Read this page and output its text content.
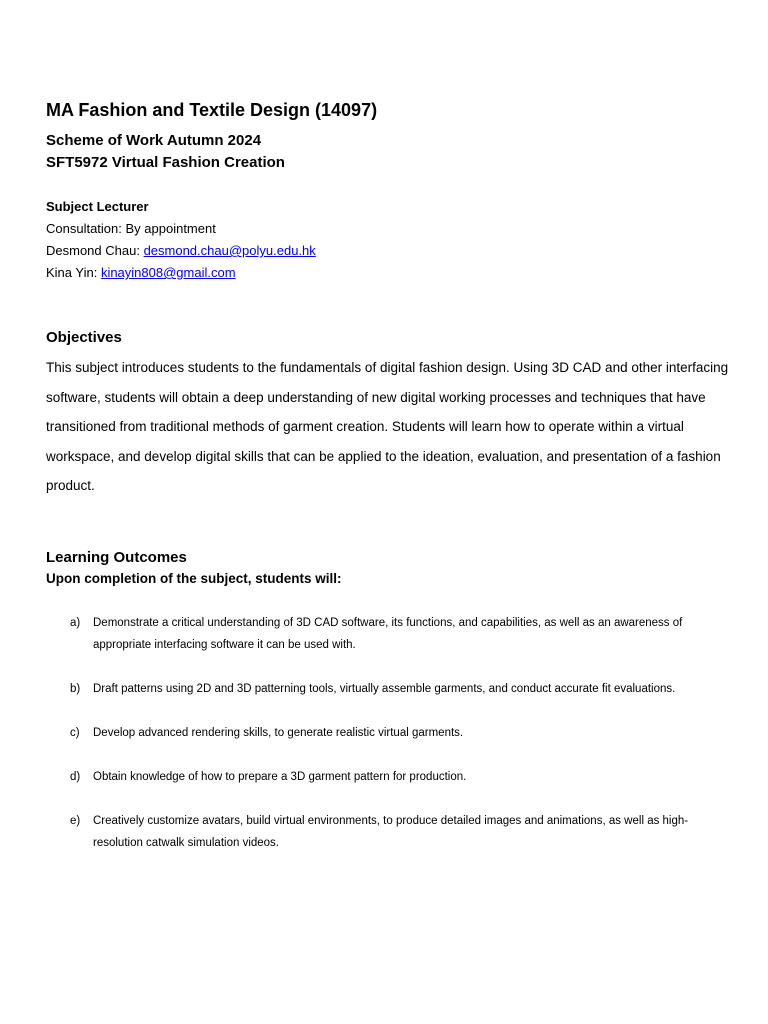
MA Fashion and Textile Design (14097)
Scheme of Work Autumn 2024
SFT5972 Virtual Fashion Creation
Subject Lecturer
Consultation: By appointment
Desmond Chau: desmond.chau@polyu.edu.hk
Kina Yin: kinayin808@gmail.com
Objectives

This subject introduces students to the fundamentals of digital fashion design. Using 3D CAD and other interfacing software, students will obtain a deep understanding of new digital working processes and techniques that have transitioned from traditional methods of garment creation. Students will learn how to operate within a virtual workspace, and develop digital skills that can be applied to the ideation, evaluation, and presentation of a fashion product.

Learning Outcomes

Upon completion of the subject, students will:

a)	Demonstrate a critical understanding of 3D CAD software, its functions, and capabilities, as well as an awareness of appropriate interfacing software it can be used with.
b)	Draft patterns using 2D and 3D patterning tools, virtually assemble garments, and conduct accurate fit evaluations.
c)	Develop advanced rendering skills, to generate realistic virtual garments.
d)	Obtain knowledge of how to prepare a 3D garment pattern for production.
e)	Creatively customize avatars, build virtual environments, to produce detailed images and animations, as well as high-resolution catwalk simulation videos.
